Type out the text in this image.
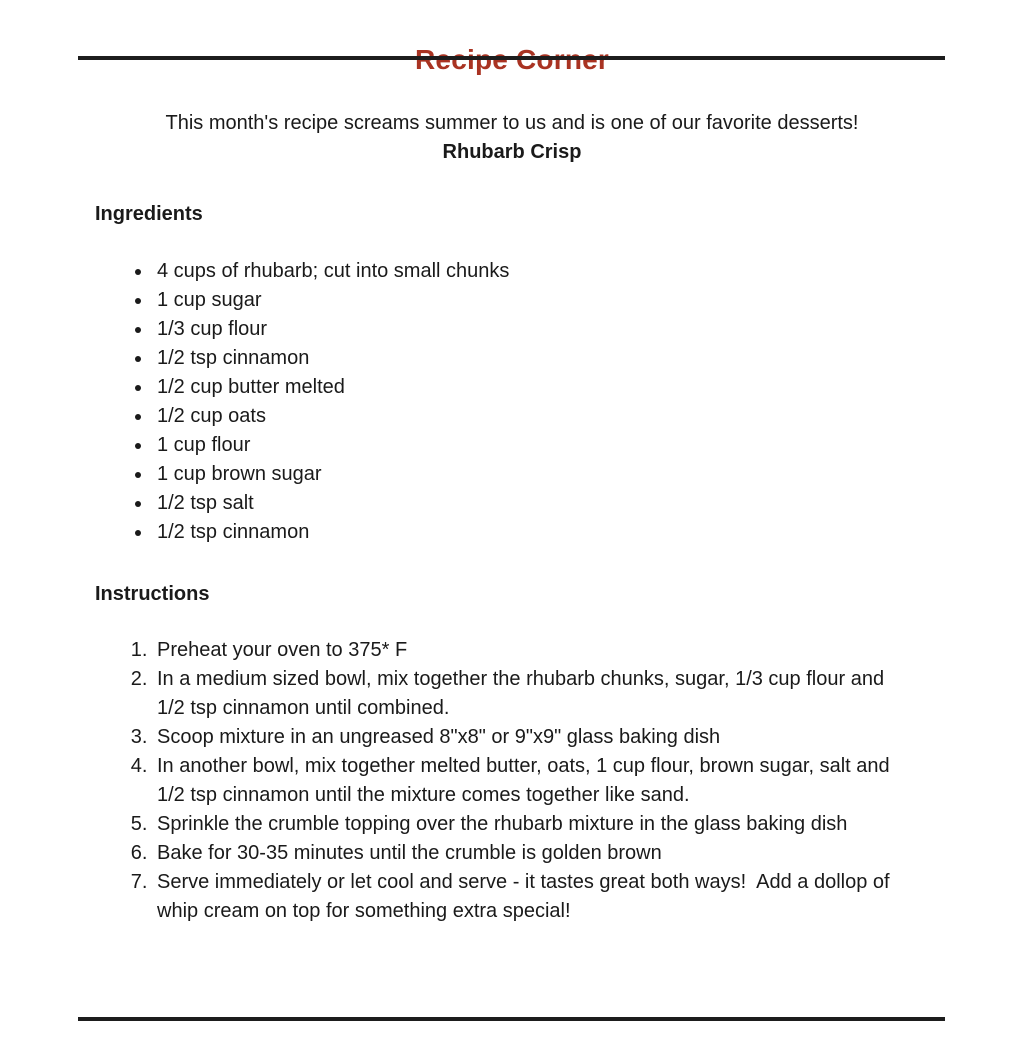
This month's recipe screams summer to us and is one of our favorite desserts!
Rhubarb Crisp
Ingredients
• 4 cups of rhubarb; cut into small chunks
• 1 cup sugar
• 1/3 cup flour
• 1/2 tsp cinnamon
• 1/2 cup butter melted
• 1/2 cup oats
• 1 cup flour
• 1 cup brown sugar
• 1/2 tsp salt
• 1/2 tsp cinnamon
Instructions
1. Preheat your oven to 375* F
2. In a medium sized bowl, mix together the rhubarb chunks, sugar, 1/3 cup flour and 1/2 tsp cinnamon until combined.
3. Scoop mixture in an ungreased 8"x8" or 9"x9" glass baking dish
4. In another bowl, mix together melted butter, oats, 1 cup flour, brown sugar, salt and 1/2 tsp cinnamon until the mixture comes together like sand.
5. Sprinkle the crumble topping over the rhubarb mixture in the glass baking dish
6. Bake for 30-35 minutes until the crumble is golden brown
7. Serve immediately or let cool and serve - it tastes great both ways!  Add a dollop of whip cream on top for something extra special!
